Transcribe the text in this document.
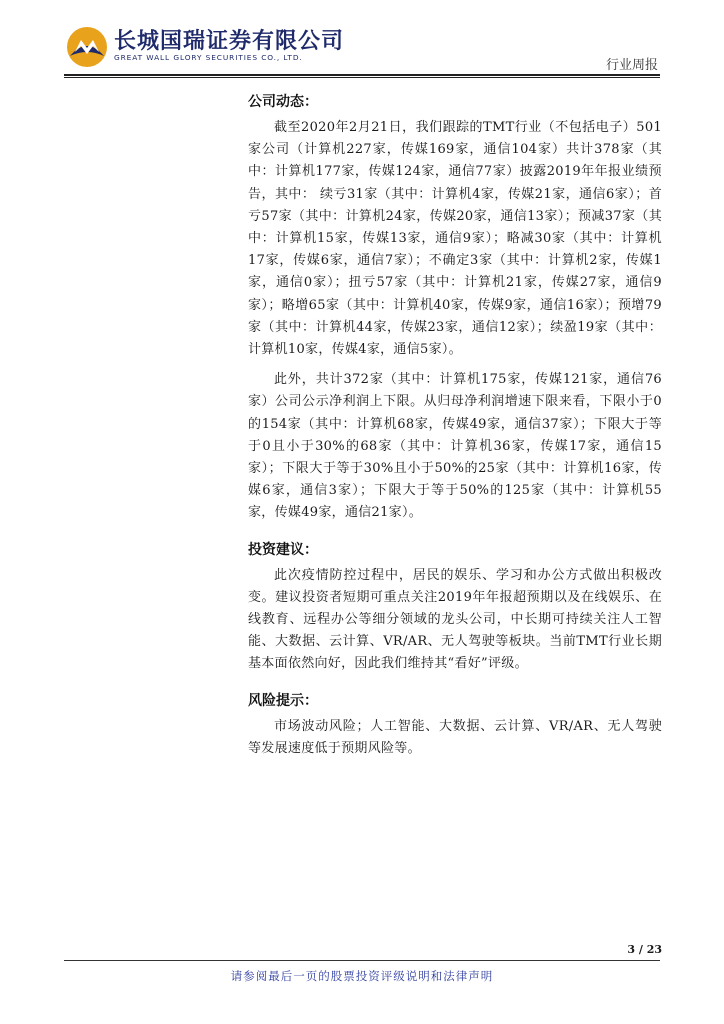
长城国瑞证券有限公司
GREAT WALL GLORY SECURITIES CO., LTD.
行业周报
公司动态：

截至2020年2月21日，我们跟踪的TMT行业（不包括电子）501家公司（计算机227家，传媒169家，通信104家）共计378家（其中：计算机177家，传媒124家，通信77家）披露2019年年报业绩预告，其中： 续亏31家（其中：计算机4家，传媒21家，通信6家）；首亏57家（其中：计算机24家，传媒20家，通信13家）；预减37家（其中：计算机15家，传媒13家，通信9家）；略减30家（其中：计算机17家，传媒6家，通信7家）；不确定3家（其中：计算机2家，传媒1家，通信0家）；扭亏57家（其中：计算机21家，传媒27家，通信9家）；略增65家（其中：计算机40家，传媒9家，通信16家）；预增79家（其中：计算机44家，传媒23家，通信12家）；续盈19家（其中：计算机10家，传媒4家，通信5家）。

此外，共计372家（其中：计算机175家，传媒121家，通信76家）公司公示净利润上下限。从归母净利润增速下限来看，下限小于0的154家（其中：计算机68家，传媒49家，通信37家）；下限大于等于0且小于30%的68家（其中：计算机36家，传媒17家，通信15家）；下限大于等于30%且小于50%的25家（其中：计算机16家，传媒6家，通信3家）；下限大于等于50%的125家（其中：计算机55家，传媒49家，通信21家）。

投资建议：

此次疫情防控过程中，居民的娱乐、学习和办公方式做出积极改变。建议投资者短期可重点关注2019年年报超预期以及在线娱乐、在线教育、远程办公等细分领域的龙头公司，中长期可持续关注人工智能、大数据、云计算、VR/AR、无人驾驶等板块。当前TMT行业长期基本面依然向好，因此我们维持其“看好”评级。

风险提示：

市场波动风险；人工智能、大数据、云计算、VR/AR、无人驾驶等发展速度低于预期风险等。

3 / 23
请参阅最后一页的股票投资评级说明和法律声明
